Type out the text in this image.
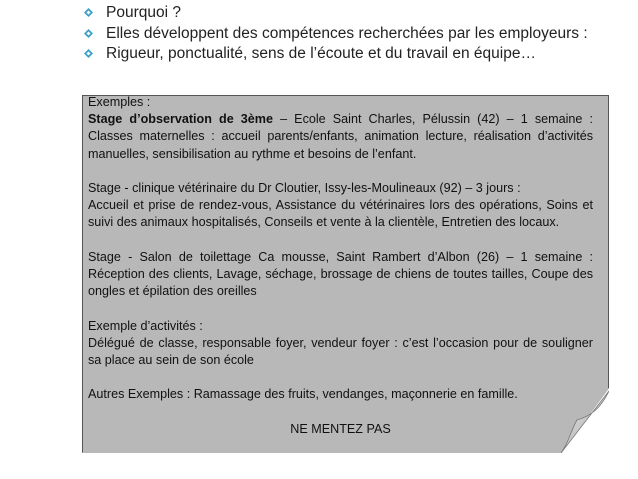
Pourquoi ?
Elles développent des compétences recherchées par les employeurs :
Rigueur, ponctualité, sens de l’écoute et du travail en équipe…

Exemples :

Stage d’observation de 3ème – Ecole Saint Charles, Pélussin (42) – 1 semaine : Classes maternelles : accueil parents/enfants, animation lecture, réalisation d’activités manuelles, sensibilisation au rythme et besoins de l’enfant.

Stage - clinique vétérinaire du Dr Cloutier, Issy-les-Moulineaux (92) – 3 jours :

Accueil et prise de rendez-vous, Assistance du vétérinaires lors des opérations, Soins et suivi des animaux hospitalisés, Conseils et vente à la clientèle, Entretien des locaux.

Stage - Salon de toilettage Ca mousse, Saint Rambert d’Albon (26) – 1 semaine : Réception des clients, Lavage, séchage, brossage de chiens de toutes tailles, Coupe des ongles et épilation des oreilles

Exemple d’activités :

Délégué de classe, responsable foyer, vendeur foyer : c’est l’occasion pour de souligner sa place au sein de son école

Autres Exemples : Ramassage des fruits, vendanges, maçonnerie en famille.

NE MENTEZ PAS
